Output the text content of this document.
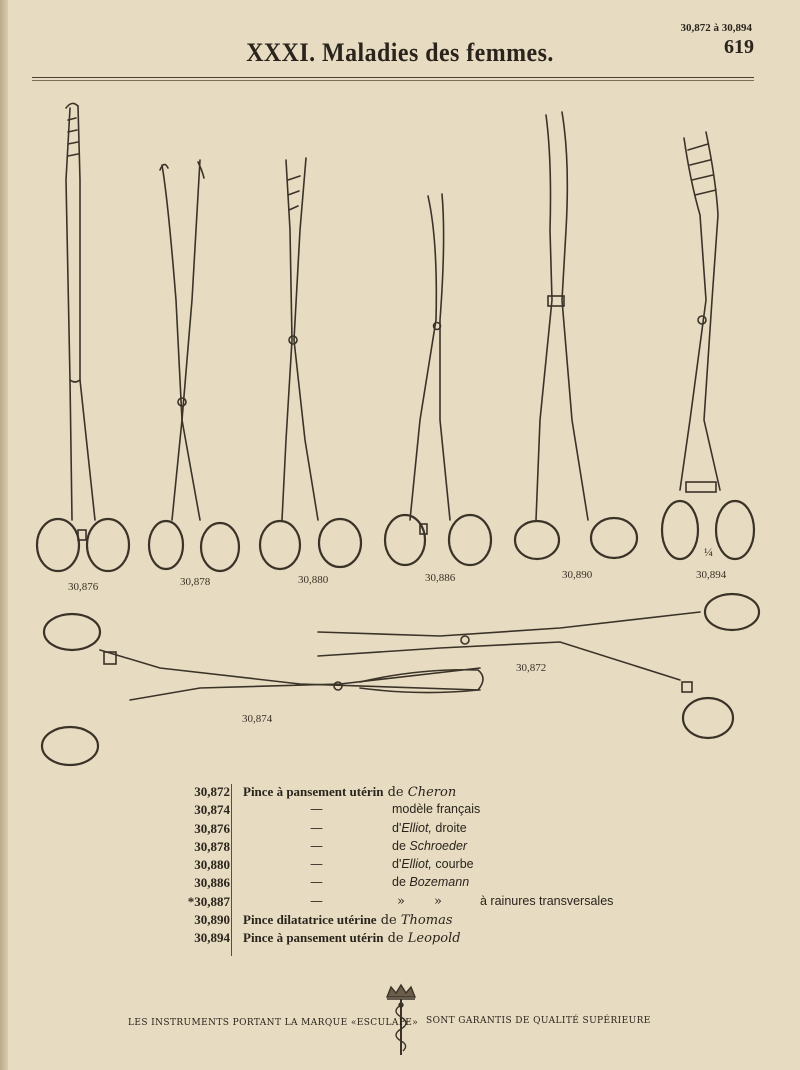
30,872 à 30,894
619
XXXI. Maladies des femmes.
30,876	30,878	30,880	30,886	30,890	30,894
¼
30,872
30,874
30,872 Pince à pansement utérin de Cheron
30,874	—	modèle français
30,876	—	d'Elliot, droite
30,878	—	de Schroeder
30,880	—	d'Elliot, courbe
30,886	—	de Bozemann
*30,887	—	» »	à rainures transversales
30,890 Pince dilatatrice utérine de Thomas
30,894 Pince à pansement utérin de Leopold
LES INSTRUMENTS PORTANT LA MARQUE «ESCULAPE» SONT GARANTIS DE QUALITÉ SUPÉRIEURE
